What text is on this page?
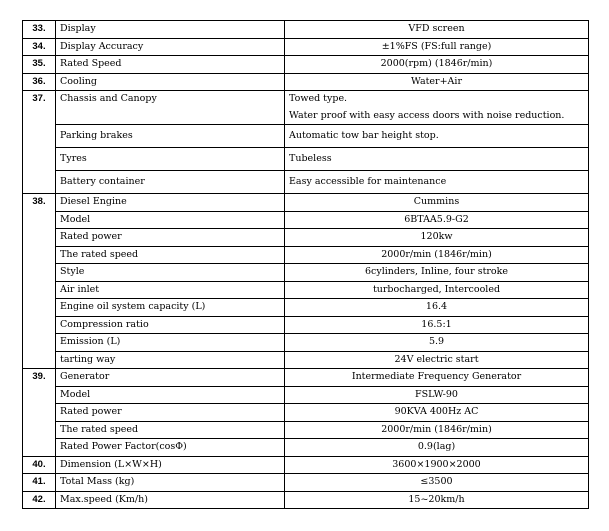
33.	Display	VFD screen
34.	Display Accuracy	±1%FS (FS:full range)
35.	Rated Speed	2000(rpm) (1846r/min)
36.	Cooling	Water+Air
37.	Chassis and Canopy	Towed type.
Water proof with easy access doors with noise reduction.

	Parking brakes	Automatic tow bar height stop.
	Tyres	Tubeless
	Battery container	Easy accessible for maintenance
38.	Diesel Engine	Cummins
	Model	6BTAA5.9-G2
	Rated power	120kw
	The rated speed	2000r/min (1846r/min)
	Style	6cylinders, Inline, four stroke
	Air inlet	turbocharged, Intercooled
	Engine oil system capacity (L)	16.4
	Compression ratio	16.5:1
	Emission (L)	5.9
	tarting way	24V electric start
39.	Generator	Intermediate Frequency Generator
	Model	FSLW-90
	Rated power	90KVA 400Hz AC
	The rated speed	2000r/min (1846r/min)
	Rated Power Factor(cosΦ)	0.9(lag)
40.	Dimension (L×W×H)	3600×1900×2000
41.	Total Mass (kg)	≤3500
42.	Max.speed (Km/h)	15~20km/h
